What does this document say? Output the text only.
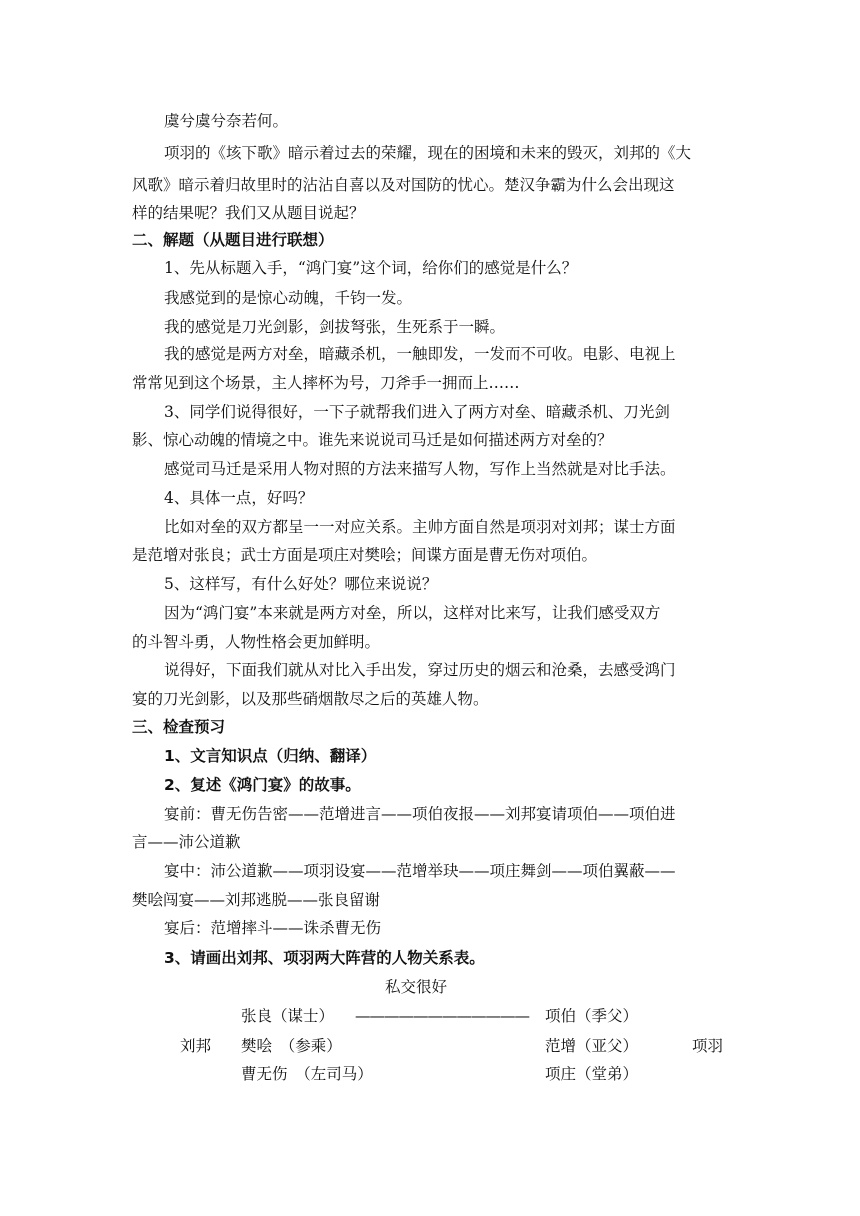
虞兮虞兮奈若何。
项羽的《垓下歌》暗示着过去的荣耀，现在的困境和未来的毁灭，刘邦的《大
风歌》暗示着归故里时的沾沾自喜以及对国防的忧心。楚汉争霸为什么会出现这
样的结果呢？我们又从题目说起？
二、解题（从题目进行联想）
1、先从标题入手，“鸿门宴”这个词，给你们的感觉是什么？
我感觉到的是惊心动魄，千钧一发。
我的感觉是刀光剑影，剑拔弩张，生死系于一瞬。
我的感觉是两方对垒，暗藏杀机，一触即发，一发而不可收。电影、电视上
常常见到这个场景，主人摔杯为号，刀斧手一拥而上……
3、同学们说得很好，一下子就帮我们进入了两方对垒、暗藏杀机、刀光剑
影、惊心动魄的情境之中。谁先来说说司马迁是如何描述两方对垒的？
感觉司马迁是采用人物对照的方法来描写人物，写作上当然就是对比手法。
4、具体一点，好吗？
比如对垒的双方都呈一一对应关系。主帅方面自然是项羽对刘邦；谋士方面
是范增对张良；武士方面是项庄对樊哙；间谍方面是曹无伤对项伯。
5、这样写，有什么好处？哪位来说说？
因为“鸿门宴”本来就是两方对垒，所以，这样对比来写，让我们感受双方
的斗智斗勇，人物性格会更加鲜明。
说得好，下面我们就从对比入手出发，穿过历史的烟云和沧桑，去感受鸿门
宴的刀光剑影，以及那些硝烟散尽之后的英雄人物。
三、检查预习
1、文言知识点（归纳、翻译）
2、复述《鸿门宴》的故事。
宴前：曹无伤告密——范增进言——项伯夜报——刘邦宴请项伯——项伯进
言——沛公道歉
宴中：沛公道歉——项羽设宴——范增举玦——项庄舞剑——项伯翼蔽——
樊哙闯宴——刘邦逃脱——张良留谢
宴后：范增摔斗——诛杀曹无伤
3、请画出刘邦、项羽两大阵营的人物关系表。
私交很好
张良（谋士） ———————————— 项伯（季父）
刘邦 樊哙　（参乘）	范增（亚父）	项羽
曹无伤　（左司马）	项庄（堂弟）
